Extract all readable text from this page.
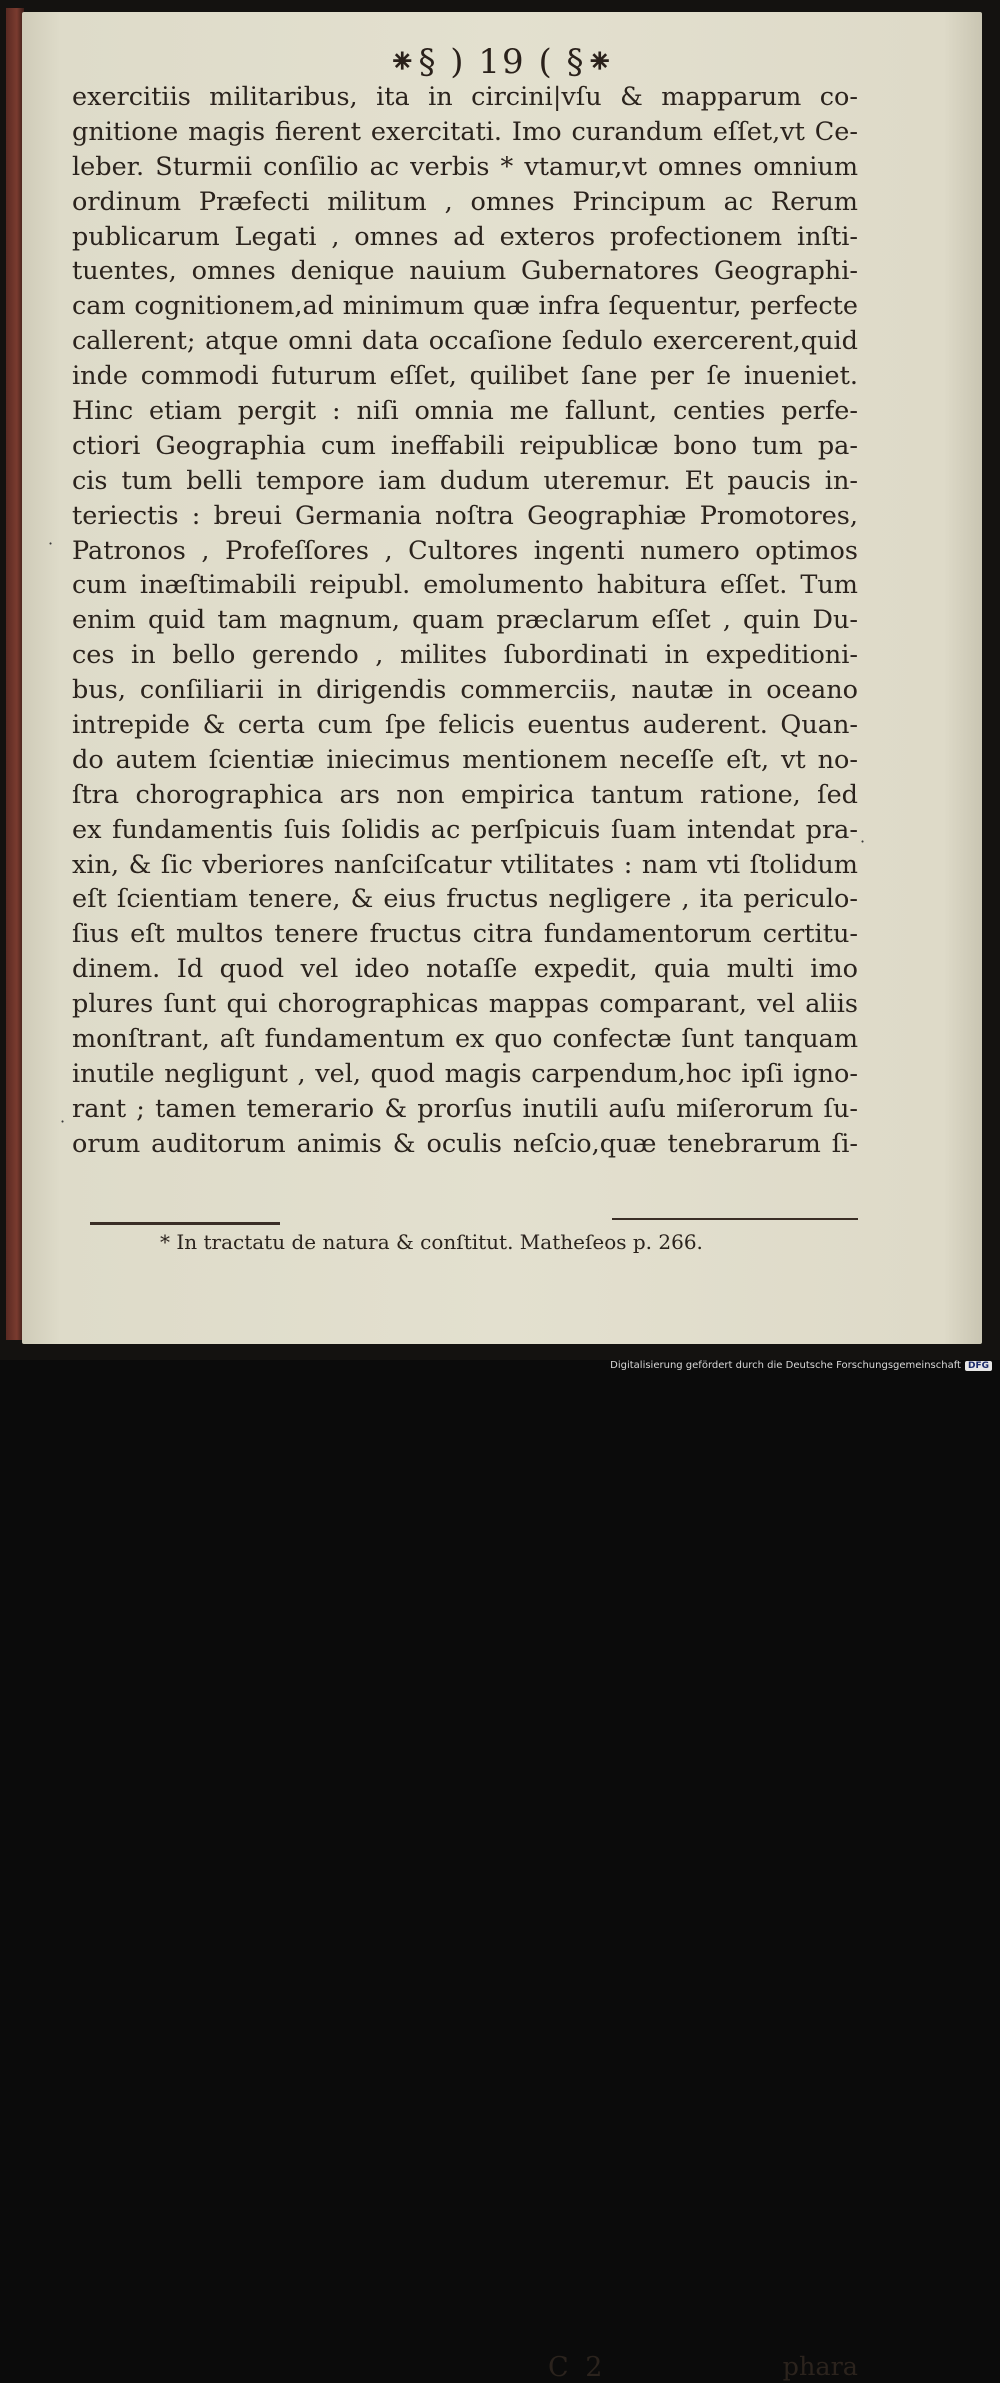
⁕§ ) 19 ( §⁕
exercitiis militaribus, ita in circini|vſu & mapparum co-
gnitione magis fierent exercitati. Imo curandum eſſet,vt Ce-
leber. Sturmii conſilio ac verbis * vtamur,vt omnes omnium
ordinum Præfecti militum , omnes Principum ac Rerum
publicarum Legati , omnes ad exteros profectionem inſti-
tuentes, omnes denique nauium Gubernatores Geographi-
cam cognitionem,ad minimum quæ infra ſequentur, perfecte
callerent; atque omni data occaſione ſedulo exercerent,quid
inde commodi futurum eſſet, quilibet ſane per ſe inueniet.
Hinc etiam pergit : niſi omnia me fallunt, centies perfe-
ctiori Geographia cum ineffabili reipublicæ bono tum pa-
cis tum belli tempore iam dudum uteremur. Et paucis in-
teriectis : breui Germania noſtra Geographiæ Promotores,
Patronos , Profeſſores , Cultores ingenti numero optimos
cum inæſtimabili reipubl. emolumento habitura eſſet. Tum
enim quid tam magnum, quam præclarum eſſet , quin Du-
ces in bello gerendo , milites ſubordinati in expeditioni-
bus, conſiliarii in dirigendis commerciis, nautæ in oceano
intrepide & certa cum ſpe felicis euentus auderent. Quan-
do autem ſcientiæ iniecimus mentionem neceſſe eſt, vt no-
ſtra chorographica ars non empirica tantum ratione, ſed
ex fundamentis ſuis ſolidis ac perſpicuis ſuam intendat pra-
xin, & ſic vberiores nanſciſcatur vtilitates : nam vti ſtolidum
eſt ſcientiam tenere, & eius fructus negligere , ita periculo-
ſius eſt multos tenere fructus citra fundamentorum certitu-
dinem. Id quod vel ideo notaſſe expedit, quia multi imo
plures ſunt qui chorographicas mappas comparant, vel aliis
monſtrant, aſt fundamentum ex quo confectæ ſunt tanquam
inutile negligunt , vel, quod magis carpendum,hoc ipſi igno-
rant ; tamen temerario & prorſus inutili auſu miſerorum ſu-
orum auditorum animis & oculis neſcio,quæ tenebrarum ſi-
C 2	phara
* In tractatu de natura & conſtitut. Matheſeos p. 266.
·
·
·
Digitalisierung gefördert durch die Deutsche Forschungsgemeinschaft DFG
